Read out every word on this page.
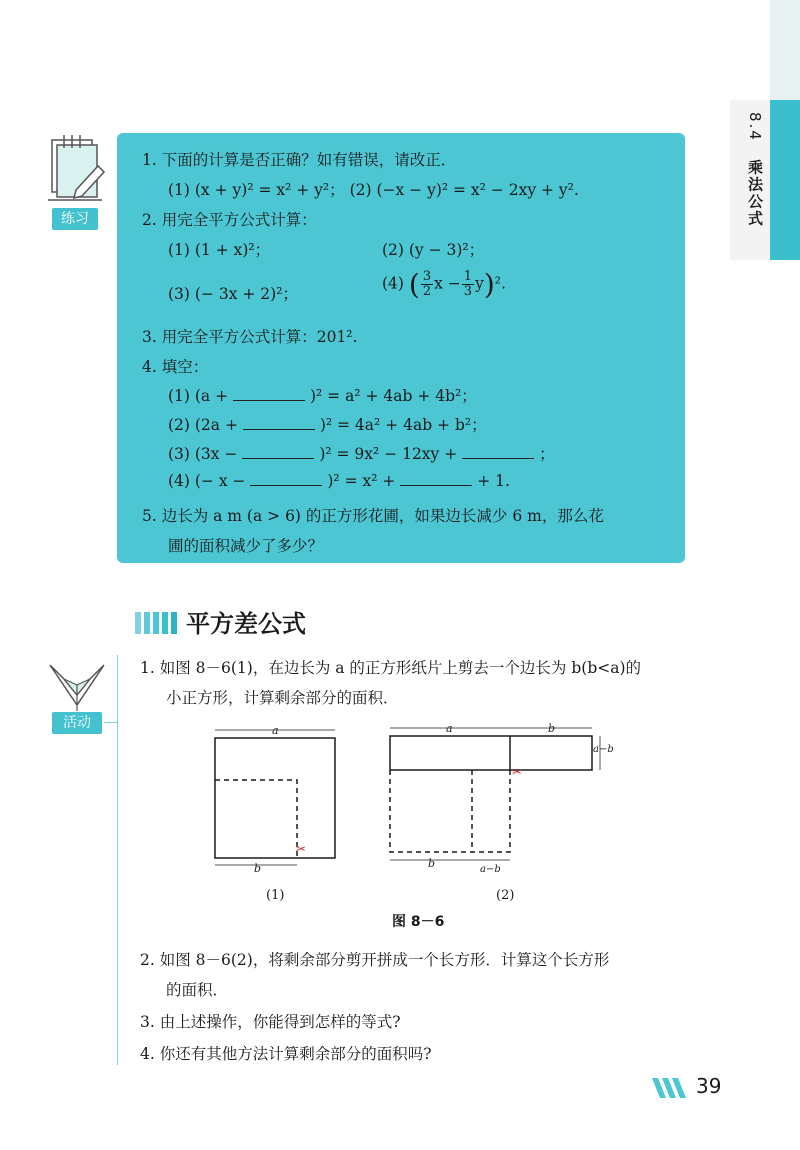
8.4 乘法公式
练习
1. 下面的计算是否正确？如有错误，请改正．
(1) (x + y)² = x² + y²； (2) (−x − y)² = x² − 2xy + y².
2. 用完全平方公式计算：
(1) (1 + x)²；	(2) (y − 3)²；
(3) (− 3x + 2)²；
(4) ( $\frac{3}{2}$ $x - \frac{1}{3} y)^2$.
3. 用完全平方公式计算：201².
4. 填空：
(1) (a +	)² = a² + 4ab + 4b²；
(2) (2a +	)² = 4a² + 4ab + b²；
(3) (3x −	)² = 9x² − 12xy +	；
(4) (− x −	)² = x² +	+ 1.
5. 边长为 a m (a > 6) 的正方形花圃，如果边长减少 6 m，那么花
圃的面积减少了多少？
平方差公式
活动
1. 如图 8－6(1)，在边长为 a 的正方形纸片上剪去一个边长为 b(b<a)的
小正方形，计算剩余部分的面积．
a
b
✂
(1)
a	b
a−b
b	a−b
✂
(2)
图 8－6
2. 如图 8－6(2)，将剩余部分剪开拼成一个长方形．计算这个长方形
的面积．
3. 由上述操作，你能得到怎样的等式?
4. 你还有其他方法计算剩余部分的面积吗?
39
